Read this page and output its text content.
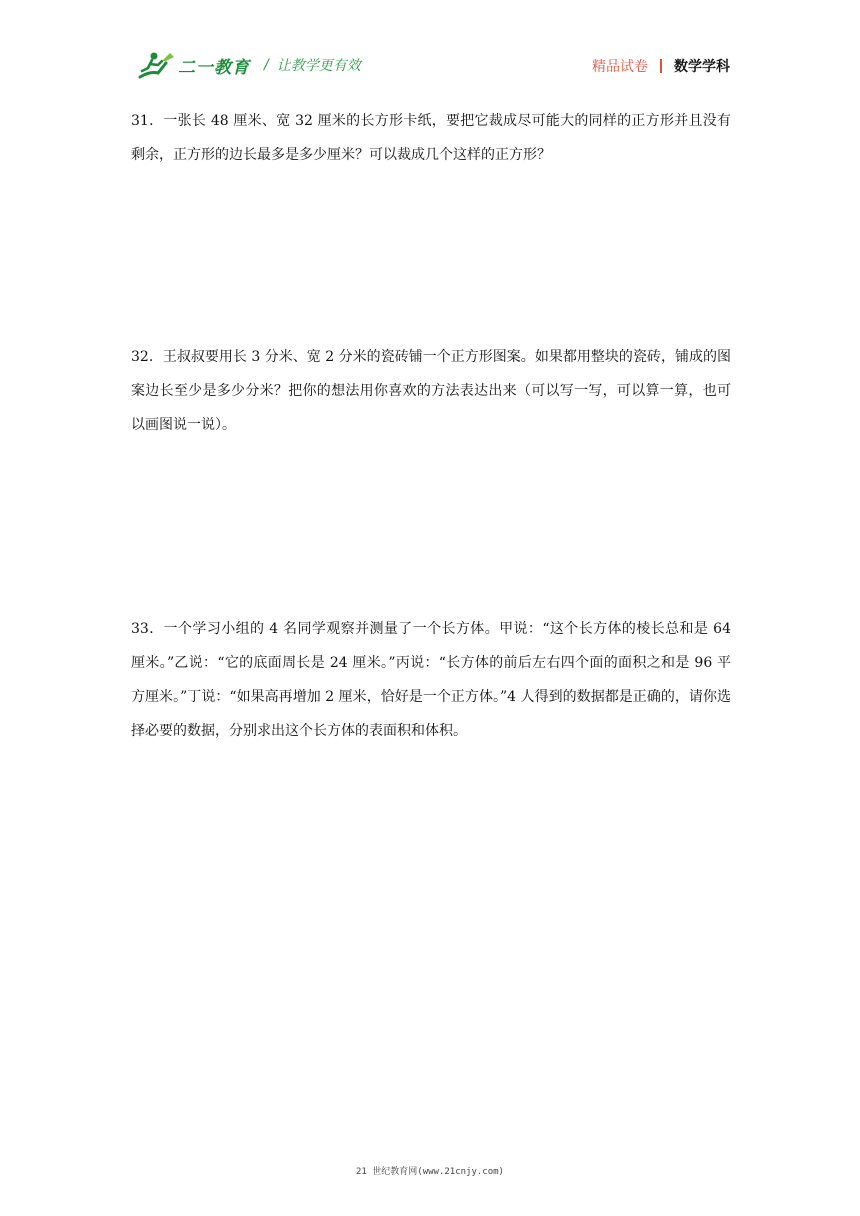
二一教育 / 让教学更有效	精品试卷 数学学科
31．一张长 48 厘米、宽 32 厘米的长方形卡纸，要把它裁成尽可能大的同样的正方形并且没有剩余，正方形的边长最多是多少厘米？可以裁成几个这样的正方形？
32．王叔叔要用长 3 分米、宽 2 分米的瓷砖铺一个正方形图案。如果都用整块的瓷砖，铺成的图案边长至少是多少分米？把你的想法用你喜欢的方法表达出来（可以写一写，可以算一算，也可以画图说一说）。
33．一个学习小组的 4 名同学观察并测量了一个长方体。甲说：“这个长方体的棱长总和是 64 厘米。”乙说：“它的底面周长是 24 厘米。”丙说：“长方体的前后左右四个面的面积之和是 96 平方厘米。”丁说：“如果高再增加 2 厘米，恰好是一个正方体。”4 人得到的数据都是正确的，请你选择必要的数据，分别求出这个长方体的表面积和体积。
21 世纪教育网(www.21cnjy.com)
